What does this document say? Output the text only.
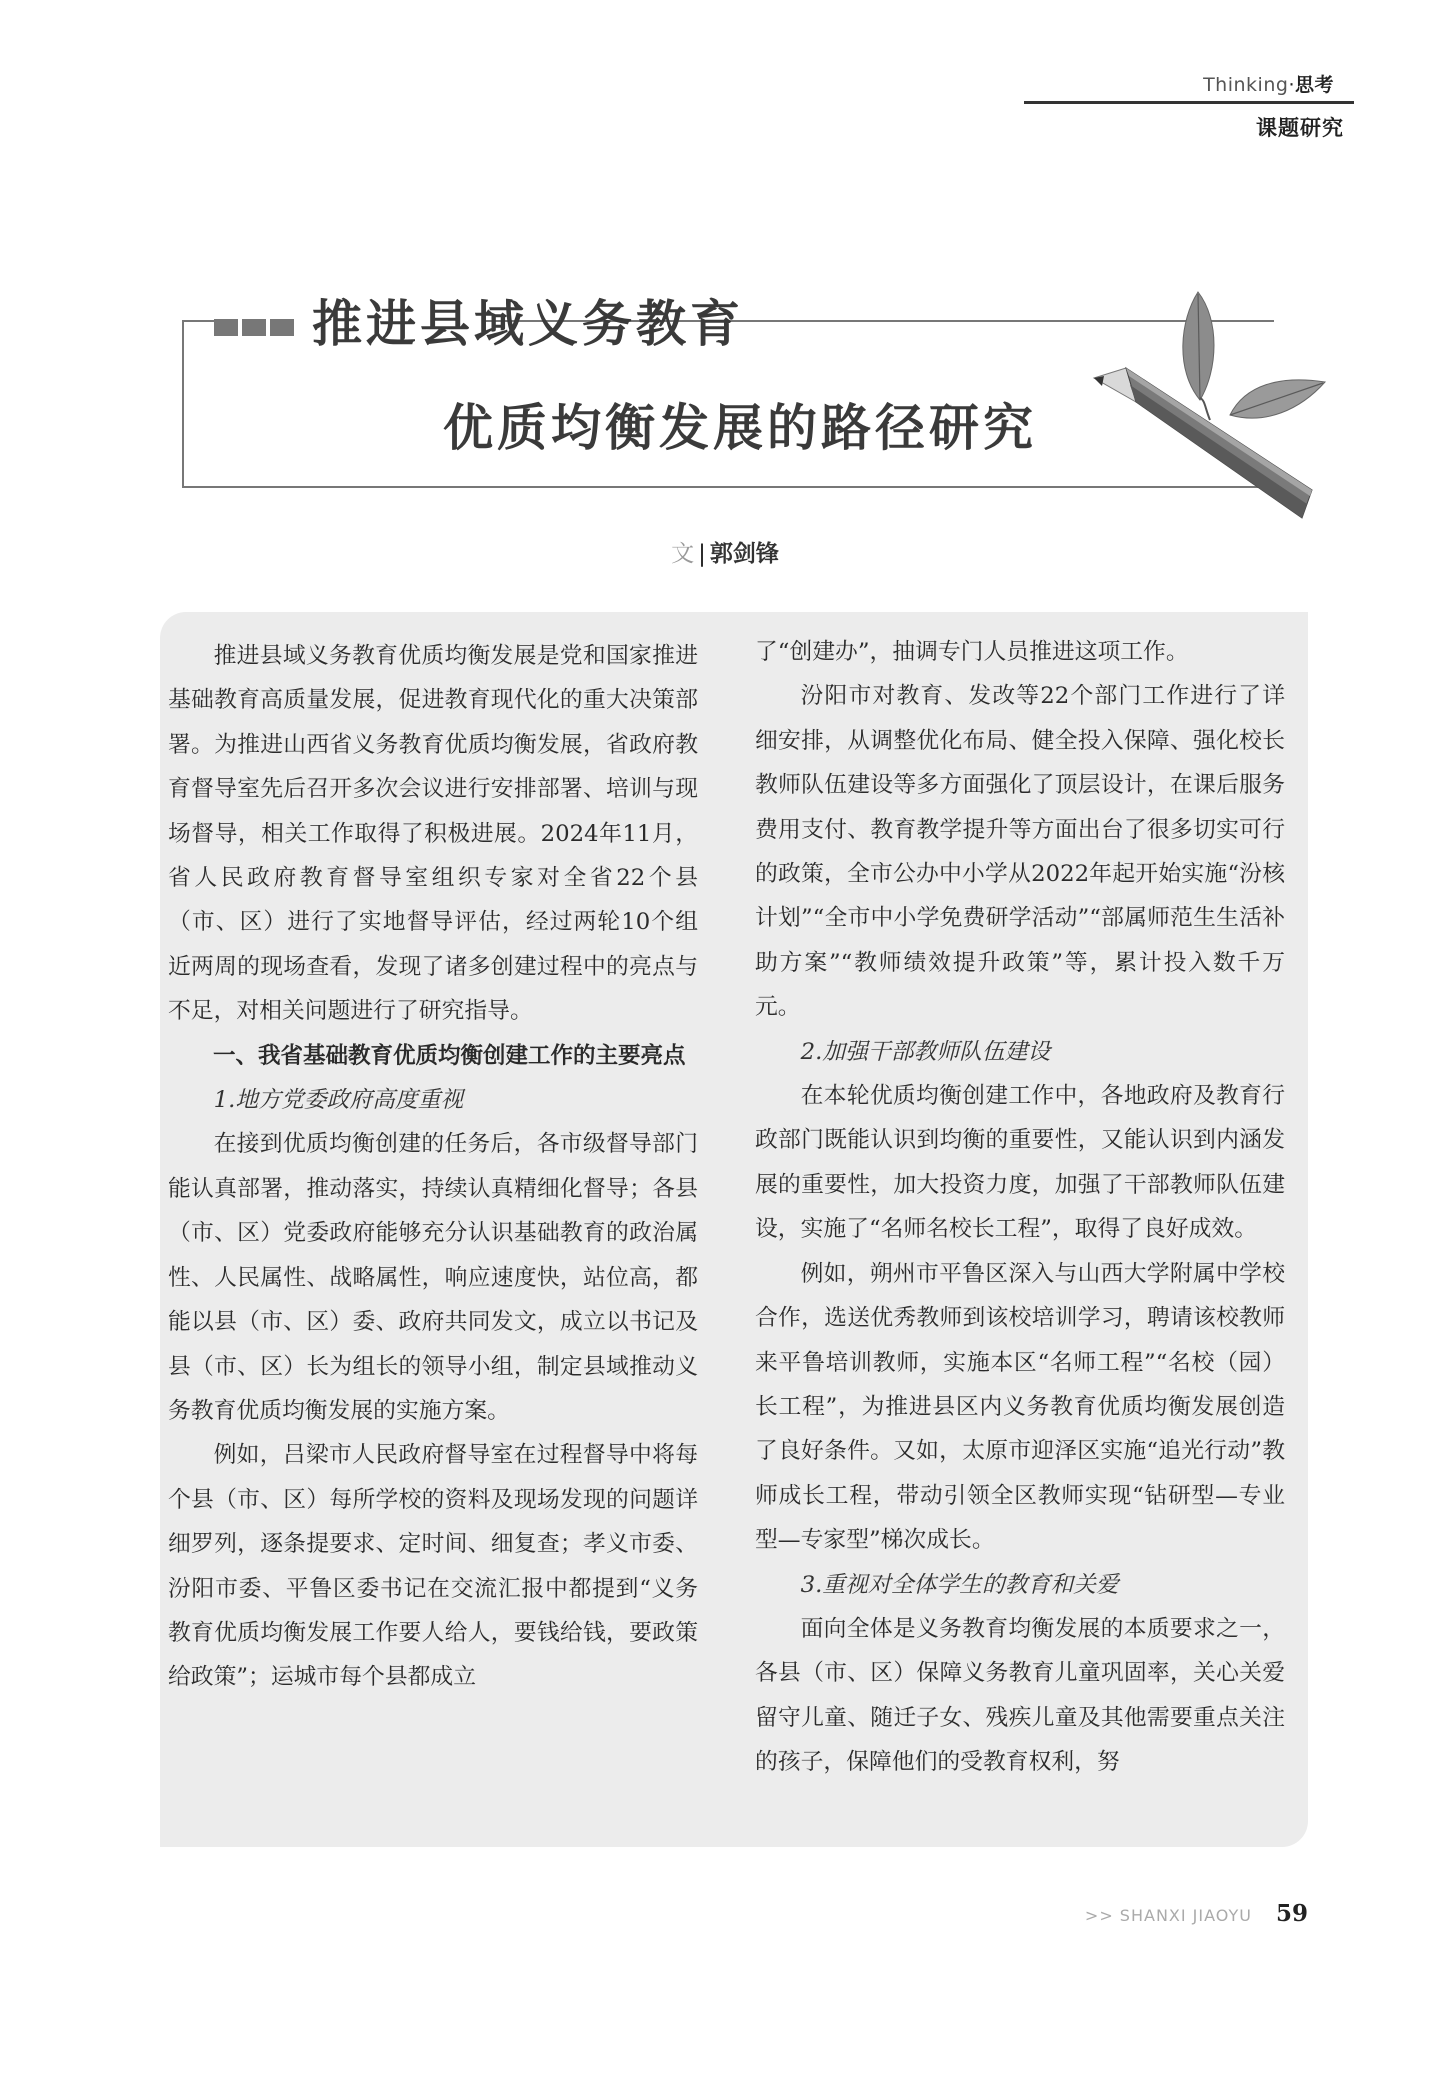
Thinking·思考
课题研究
推进县域义务教育
优质均衡发展的路径研究
文 | 郭剑锋

推进县域义务教育优质均衡发展是党和国家推进基础教育高质量发展，促进教育现代化的重大决策部署。为推进山西省义务教育优质均衡发展，省政府教育督导室先后召开多次会议进行安排部署、培训与现场督导，相关工作取得了积极进展。2024年11月，省人民政府教育督导室组织专家对全省22个县（市、区）进行了实地督导评估，经过两轮10个组近两周的现场查看，发现了诸多创建过程中的亮点与不足，对相关问题进行了研究指导。

一、我省基础教育优质均衡创建工作的主要亮点

1.地方党委政府高度重视

在接到优质均衡创建的任务后，各市级督导部门能认真部署，推动落实，持续认真精细化督导；各县（市、区）党委政府能够充分认识基础教育的政治属性、人民属性、战略属性，响应速度快，站位高，都能以县（市、区）委、政府共同发文，成立以书记及县（市、区）长为组长的领导小组，制定县域推动义务教育优质均衡发展的实施方案。

例如，吕梁市人民政府督导室在过程督导中将每个县（市、区）每所学校的资料及现场发现的问题详细罗列，逐条提要求、定时间、细复查；孝义市委、汾阳市委、平鲁区委书记在交流汇报中都提到“义务教育优质均衡发展工作要人给人，要钱给钱，要政策给政策”；运城市每个县都成立

了“创建办”，抽调专门人员推进这项工作。

汾阳市对教育、发改等22个部门工作进行了详细安排，从调整优化布局、健全投入保障、强化校长教师队伍建设等多方面强化了顶层设计，在课后服务费用支付、教育教学提升等方面出台了很多切实可行的政策，全市公办中小学从2022年起开始实施“汾核计划”“全市中小学免费研学活动”“部属师范生生活补助方案”“教师绩效提升政策”等，累计投入数千万元。

2.加强干部教师队伍建设

在本轮优质均衡创建工作中，各地政府及教育行政部门既能认识到均衡的重要性，又能认识到内涵发展的重要性，加大投资力度，加强了干部教师队伍建设，实施了“名师名校长工程”，取得了良好成效。

例如，朔州市平鲁区深入与山西大学附属中学校合作，选送优秀教师到该校培训学习，聘请该校教师来平鲁培训教师，实施本区“名师工程”“名校（园）长工程”，为推进县区内义务教育优质均衡发展创造了良好条件。又如，太原市迎泽区实施“追光行动”教师成长工程，带动引领全区教师实现“钻研型—专业型—专家型”梯次成长。

3.重视对全体学生的教育和关爱

面向全体是义务教育均衡发展的本质要求之一，各县（市、区）保障义务教育儿童巩固率，关心关爱留守儿童、随迁子女、残疾儿童及其他需要重点关注的孩子，保障他们的受教育权利，努

>> SHANXI JIAOYU 59
